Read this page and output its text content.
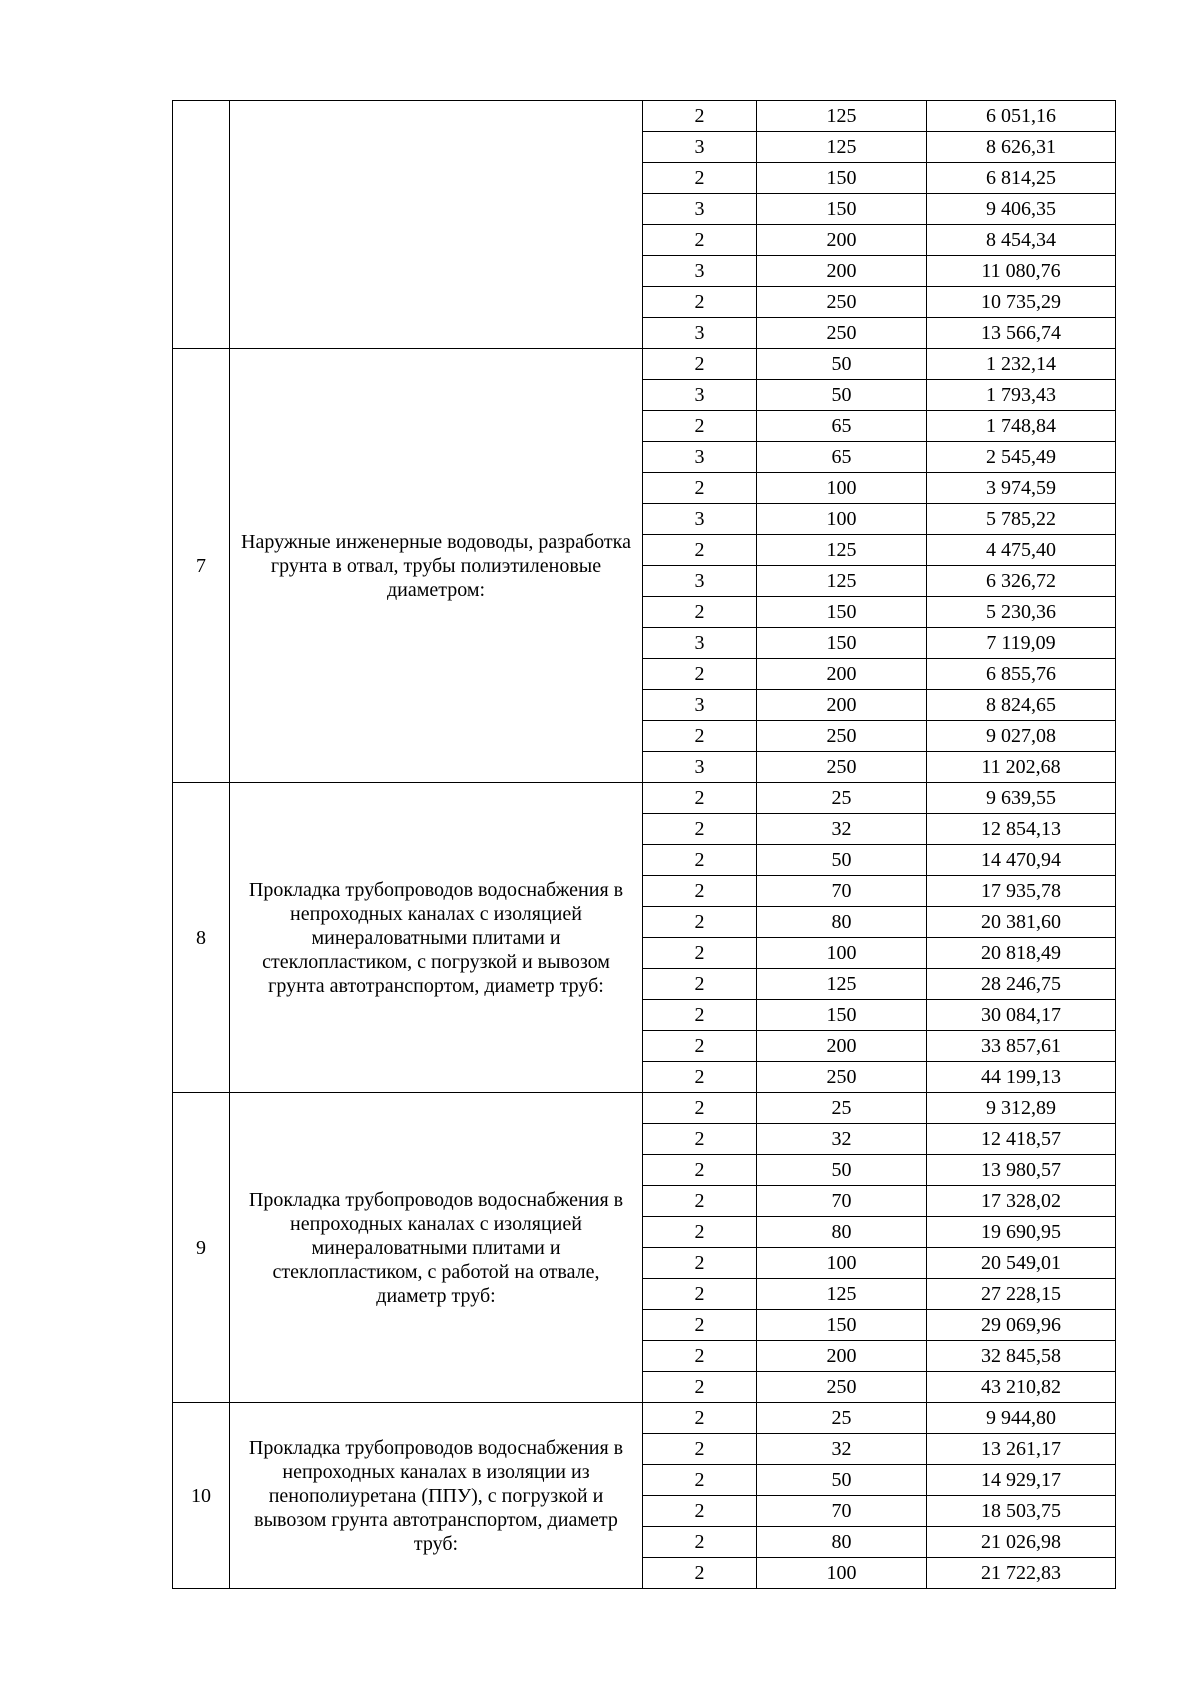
		2	125	6 051,16
		3	125	8 626,31
		2	150	6 814,25
		3	150	9 406,35
		2	200	8 454,34
		3	200	11 080,76
		2	250	10 735,29
		3	250	13 566,74
7	Наружные инженерные водоводы, разработка грунта в отвал, трубы полиэтиленовые диаметром:	2	50	1 232,14
		3	50	1 793,43
		2	65	1 748,84
		3	65	2 545,49
		2	100	3 974,59
		3	100	5 785,22
		2	125	4 475,40
		3	125	6 326,72
		2	150	5 230,36
		3	150	7 119,09
		2	200	6 855,76
		3	200	8 824,65
		2	250	9 027,08
		3	250	11 202,68
8	Прокладка трубопроводов водоснабжения в непроходных каналах с изоляцией минераловатными плитами и стеклопластиком, с погрузкой и вывозом грунта автотранспортом, диаметр труб:	2	25	9 639,55
		2	32	12 854,13
		2	50	14 470,94
		2	70	17 935,78
		2	80	20 381,60
		2	100	20 818,49
		2	125	28 246,75
		2	150	30 084,17
		2	200	33 857,61
		2	250	44 199,13
9	Прокладка трубопроводов водоснабжения в непроходных каналах с изоляцией минераловатными плитами и стеклопластиком, с работой на отвале, диаметр труб:	2	25	9 312,89
		2	32	12 418,57
		2	50	13 980,57
		2	70	17 328,02
		2	80	19 690,95
		2	100	20 549,01
		2	125	27 228,15
		2	150	29 069,96
		2	200	32 845,58
		2	250	43 210,82
10	Прокладка трубопроводов водоснабжения в непроходных каналах в изоляции из пенополиуретана (ППУ), с погрузкой и вывозом грунта автотранспортом, диаметр труб:	2	25	9 944,80
		2	32	13 261,17
		2	50	14 929,17
		2	70	18 503,75
		2	80	21 026,98
		2	100	21 722,83
